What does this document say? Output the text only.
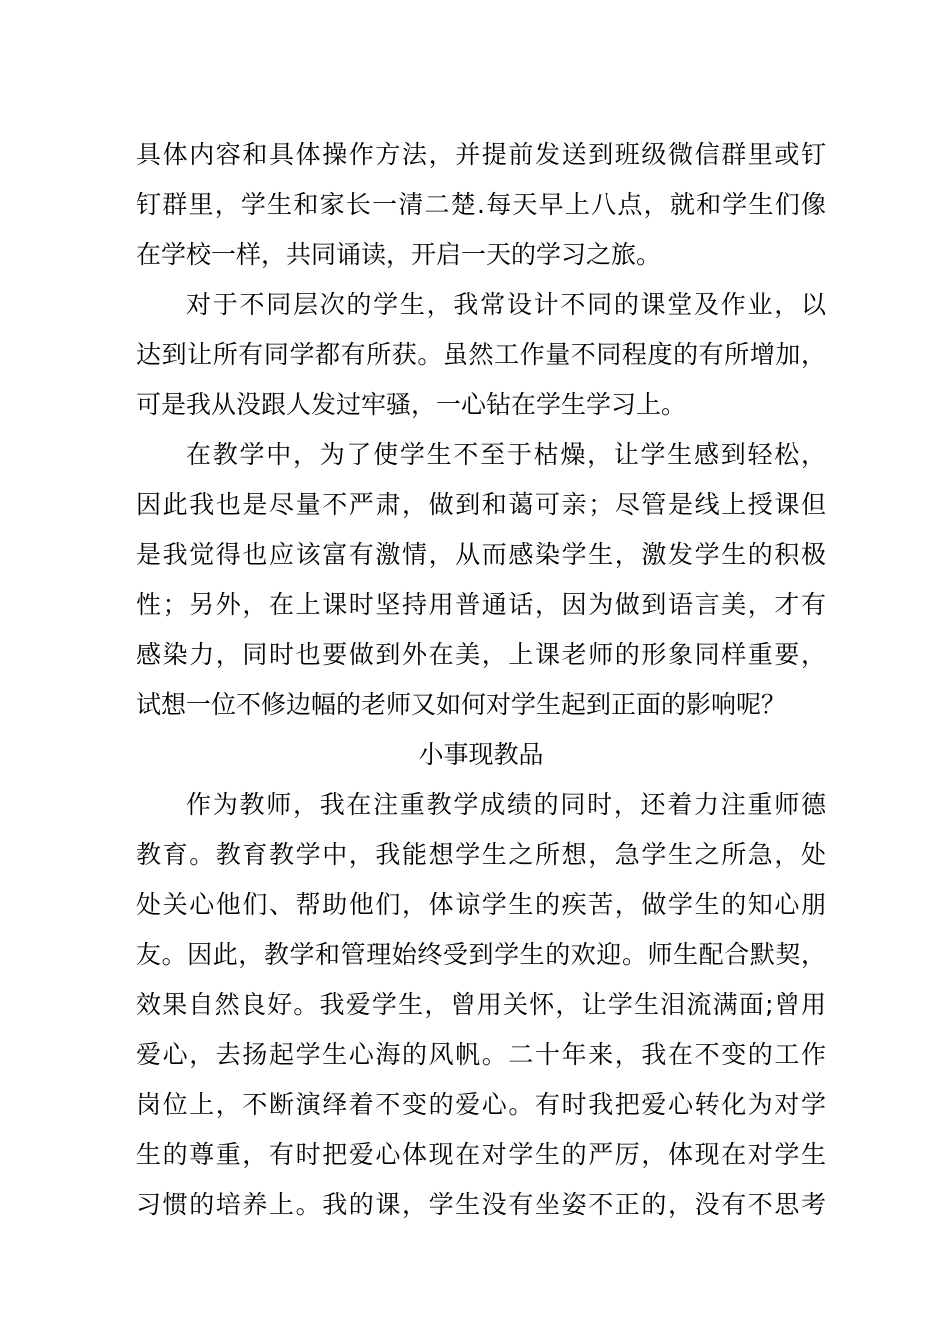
具体内容和具体操作方法，并提前发送到班级微信群里或钉
钉群里，学生和家长一清二楚.每天早上八点，就和学生们像
在学校一样，共同诵读，开启一天的学习之旅。
对于不同层次的学生，我常设计不同的课堂及作业，以
达到让所有同学都有所获。虽然工作量不同程度的有所增加，
可是我从没跟人发过牢骚，一心钻在学生学习上。
在教学中，为了使学生不至于枯燥，让学生感到轻松，
因此我也是尽量不严肃，做到和蔼可亲；尽管是线上授课但
是我觉得也应该富有激情，从而感染学生，激发学生的积极
性；另外，在上课时坚持用普通话，因为做到语言美，才有
感染力，同时也要做到外在美，上课老师的形象同样重要，
试想一位不修边幅的老师又如何对学生起到正面的影响呢？
小事现教品
作为教师，我在注重教学成绩的同时，还着力注重师德
教育。教育教学中，我能想学生之所想，急学生之所急，处
处关心他们、帮助他们，体谅学生的疾苦，做学生的知心朋
友。因此，教学和管理始终受到学生的欢迎。师生配合默契，
效果自然良好。我爱学生，曾用关怀，让学生泪流满面;曾用
爱心，去扬起学生心海的风帆。二十年来，我在不变的工作
岗位上，不断演绎着不变的爱心。有时我把爱心转化为对学
生的尊重，有时把爱心体现在对学生的严厉，体现在对学生
习惯的培养上。我的课，学生没有坐姿不正的，没有不思考
